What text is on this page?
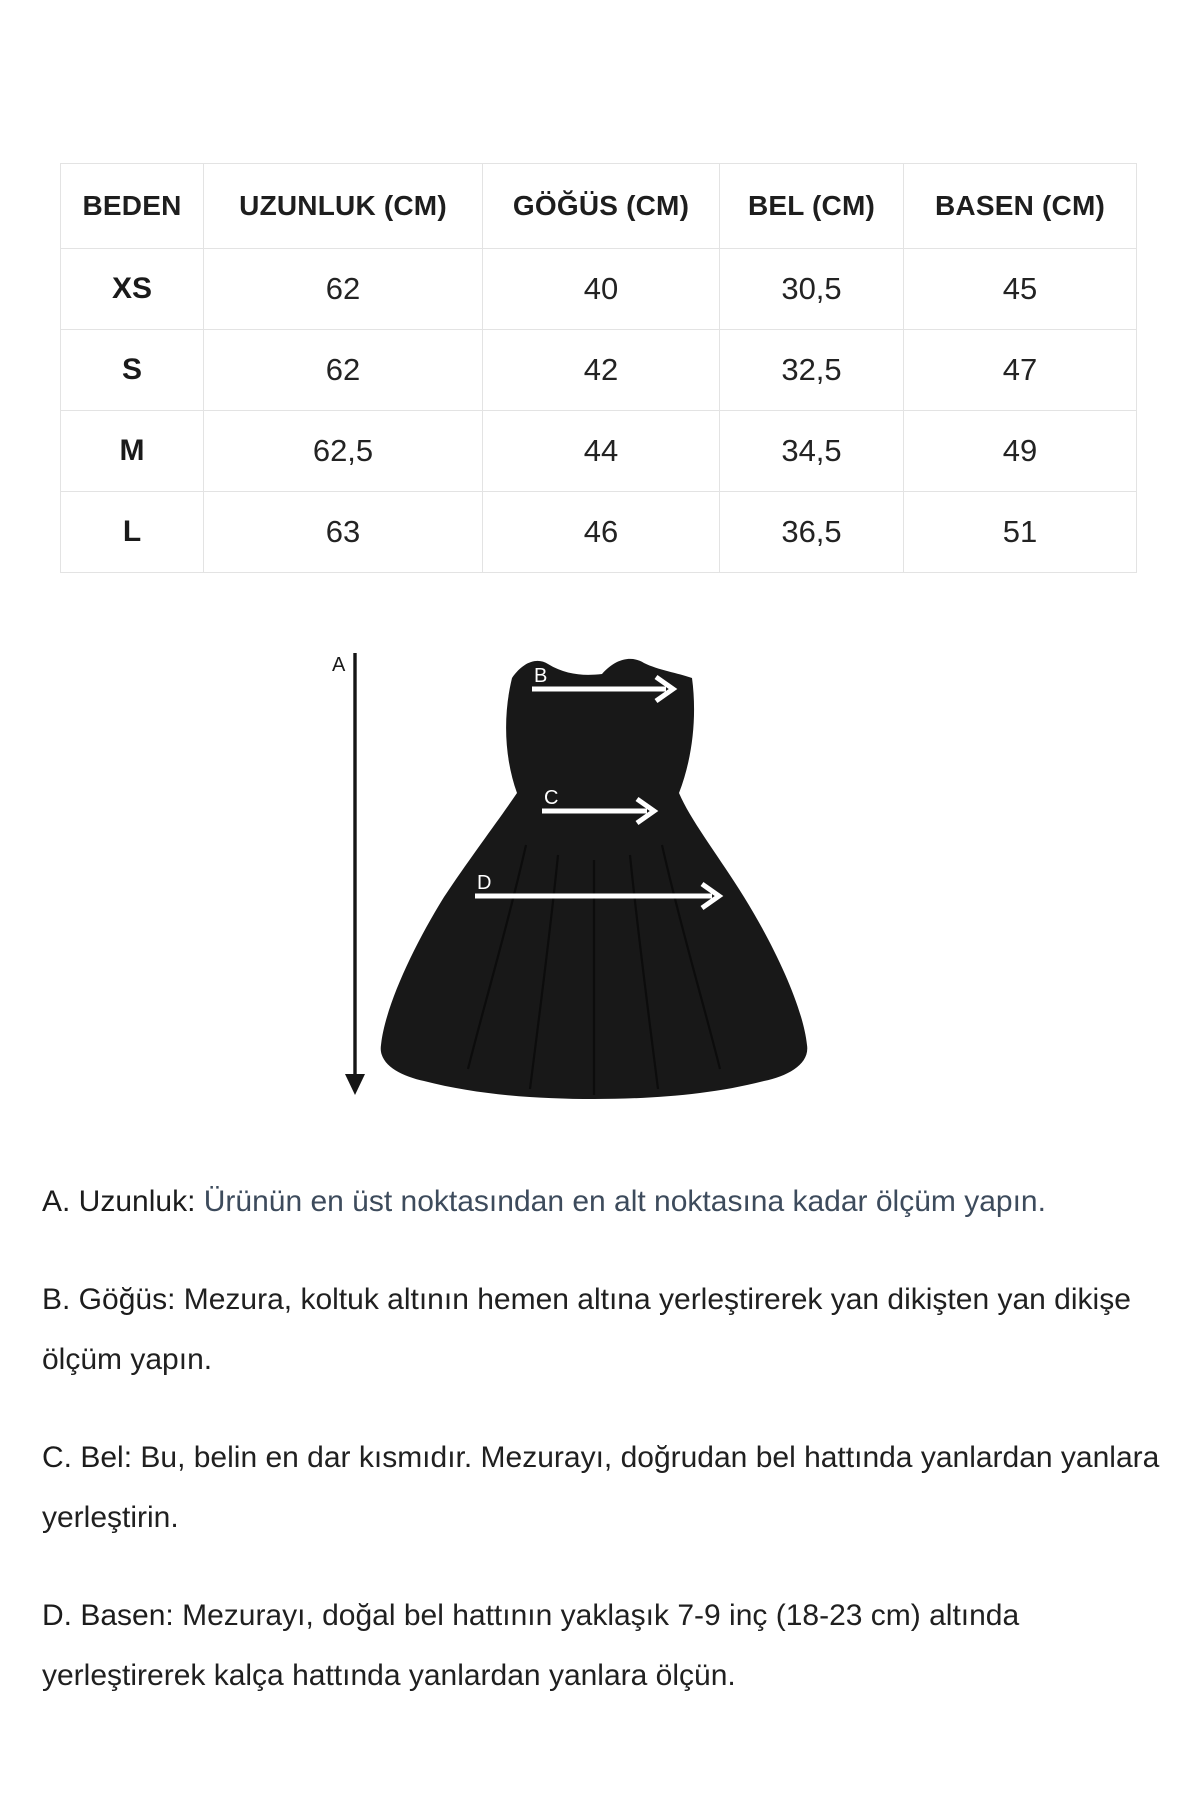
BEDEN	UZUNLUK (CM)	GÖĞÜS (CM)	BEL (CM)	BASEN (CM)
XS	62	40	30,5	45
S	62	42	32,5	47
M	62,5	44	34,5	49
L	63	46	36,5	51
A	B
C
D

A. Uzunluk: Ürünün en üst noktasından en alt noktasına kadar ölçüm yapın.

B. Göğüs: Mezura, koltuk altının hemen altına yerleştirerek yan dikişten yan dikişe ölçüm yapın.

C. Bel: Bu, belin en dar kısmıdır. Mezurayı, doğrudan bel hattında yanlardan yanlara yerleştirin.

D. Basen: Mezurayı, doğal bel hattının yaklaşık 7-9 inç (18-23 cm) altında yerleştirerek kalça hattında yanlardan yanlara ölçün.
